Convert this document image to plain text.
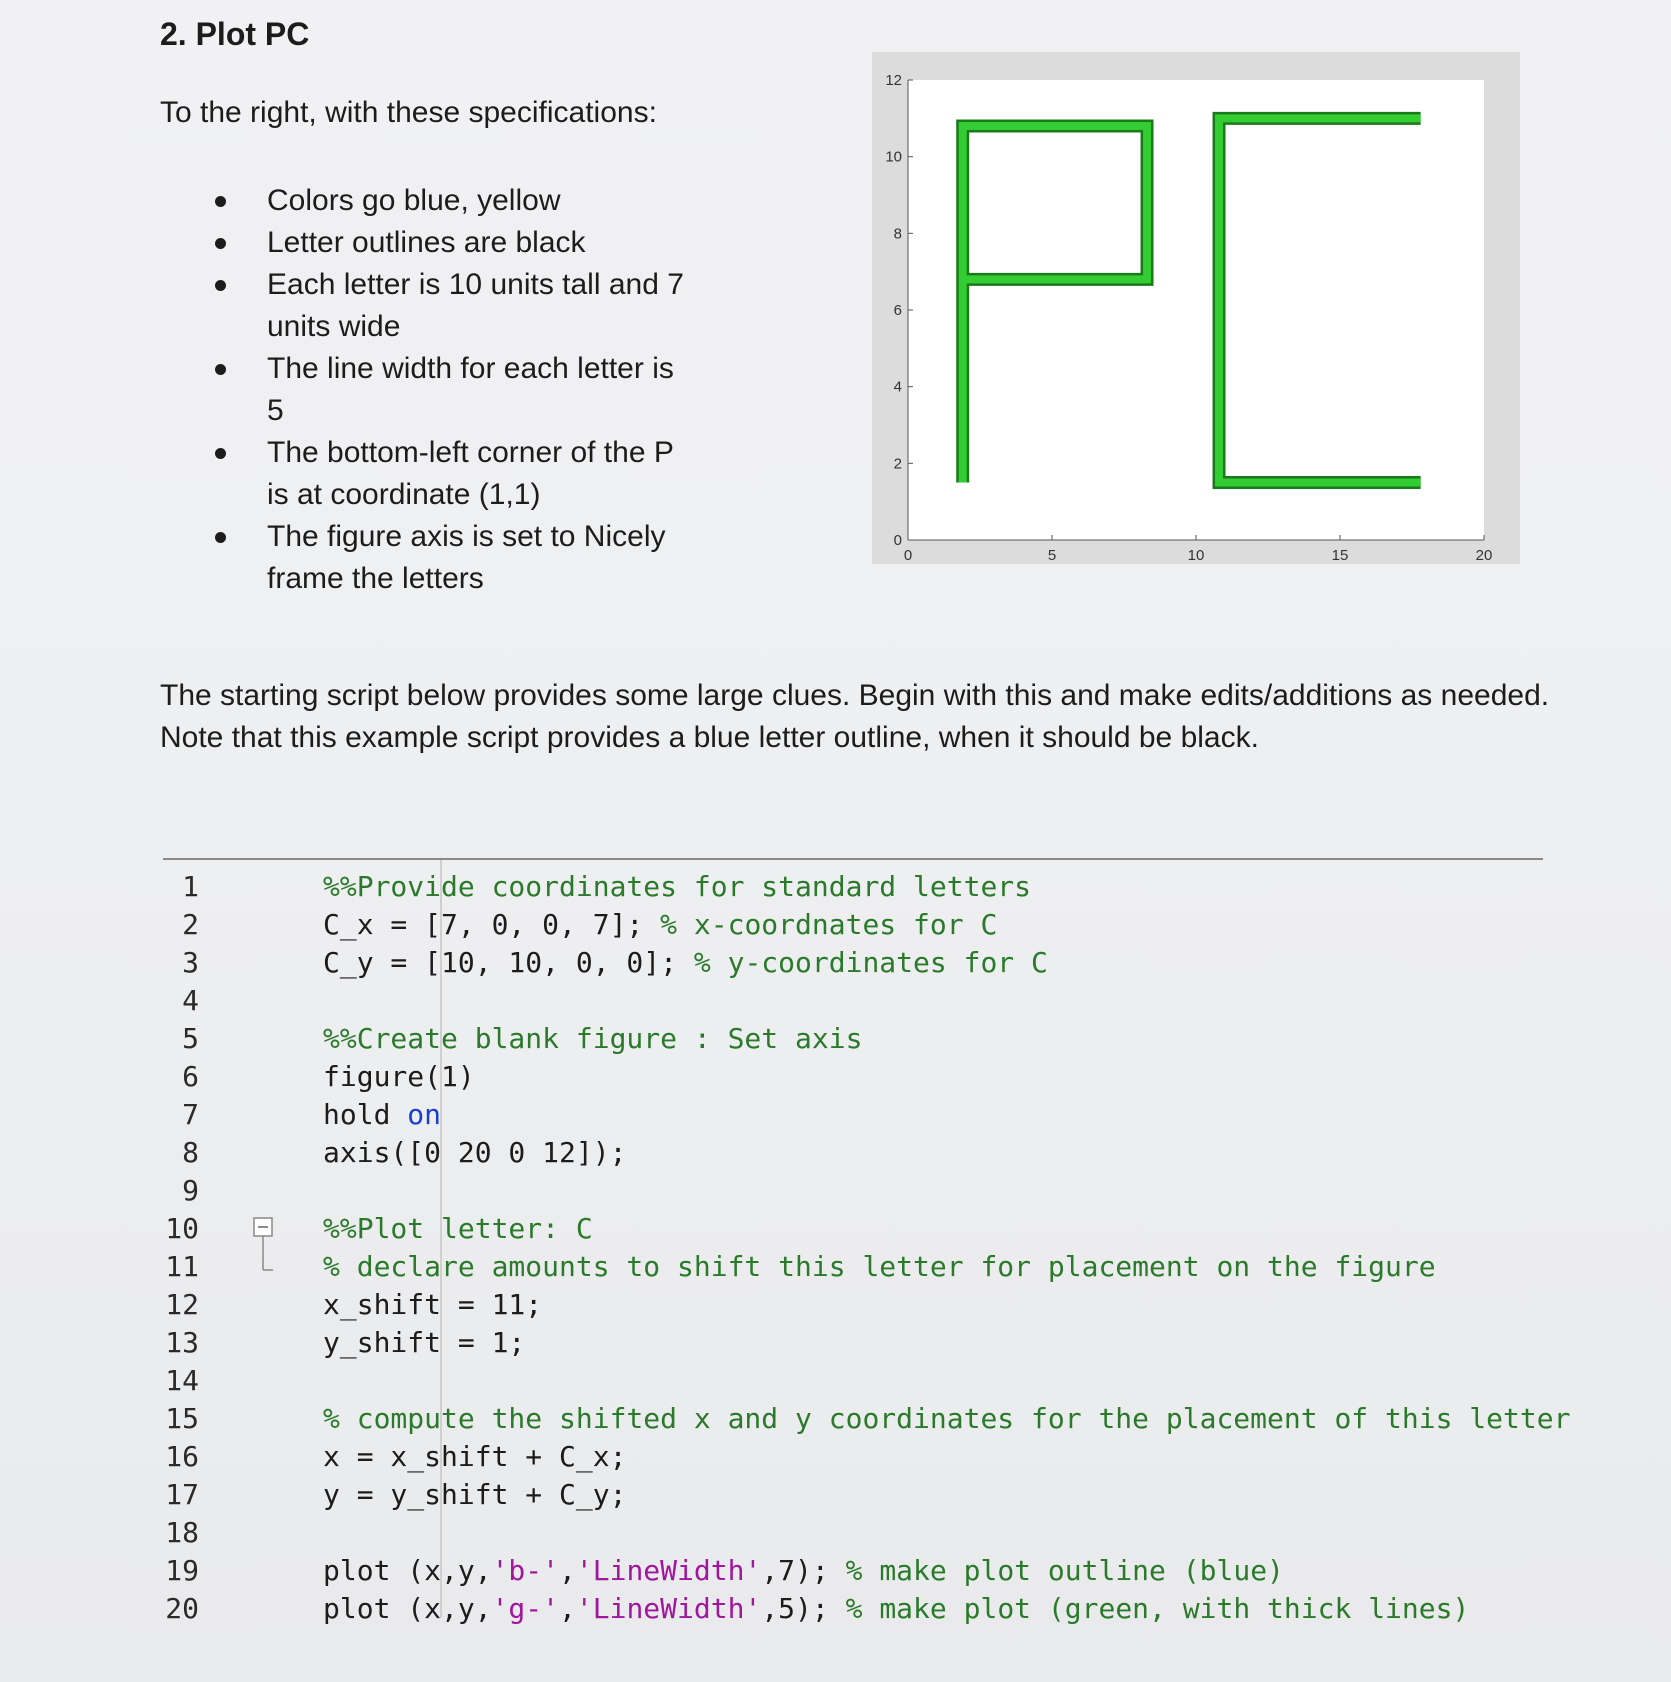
2. Plot PC
To the right, with these specifications:
Colors go blue, yellow
Letter outlines are black
Each letter is 10 units tall and 7 units wide
The line width for each letter is 5
The bottom-left corner of the P is at coordinate (1,1)
The figure axis is set to Nicely frame the letters
0	5	10	15	20
0
2
4
6
8
10
12
The starting script below provides some large clues. Begin with this and make edits/additions as needed. Note that this example script provides a blue letter outline, when it should be black.
1	%%Provide coordinates for standard letters
2	C_x = [7, 0, 0, 7]; % x-coordnates for C
3	C_y = [10, 10, 0, 0]; % y-coordinates for C
4
5	%%Create blank figure : Set axis
6	figure(1)
7	hold on
8	axis([0 20 0 12]);
9
10	%%Plot letter: C
11	% declare amounts to shift this letter for placement on the figure
12	x_shift = 11;
13	y_shift = 1;
14
15	% compute the shifted x and y coordinates for the placement of this letter
16	x = x_shift + C_x;
17	y = y_shift + C_y;
18
19	plot (x,y,'b-','LineWidth',7); % make plot outline (blue)
20	plot (x,y,'g-','LineWidth',5); % make plot (green, with thick lines)
